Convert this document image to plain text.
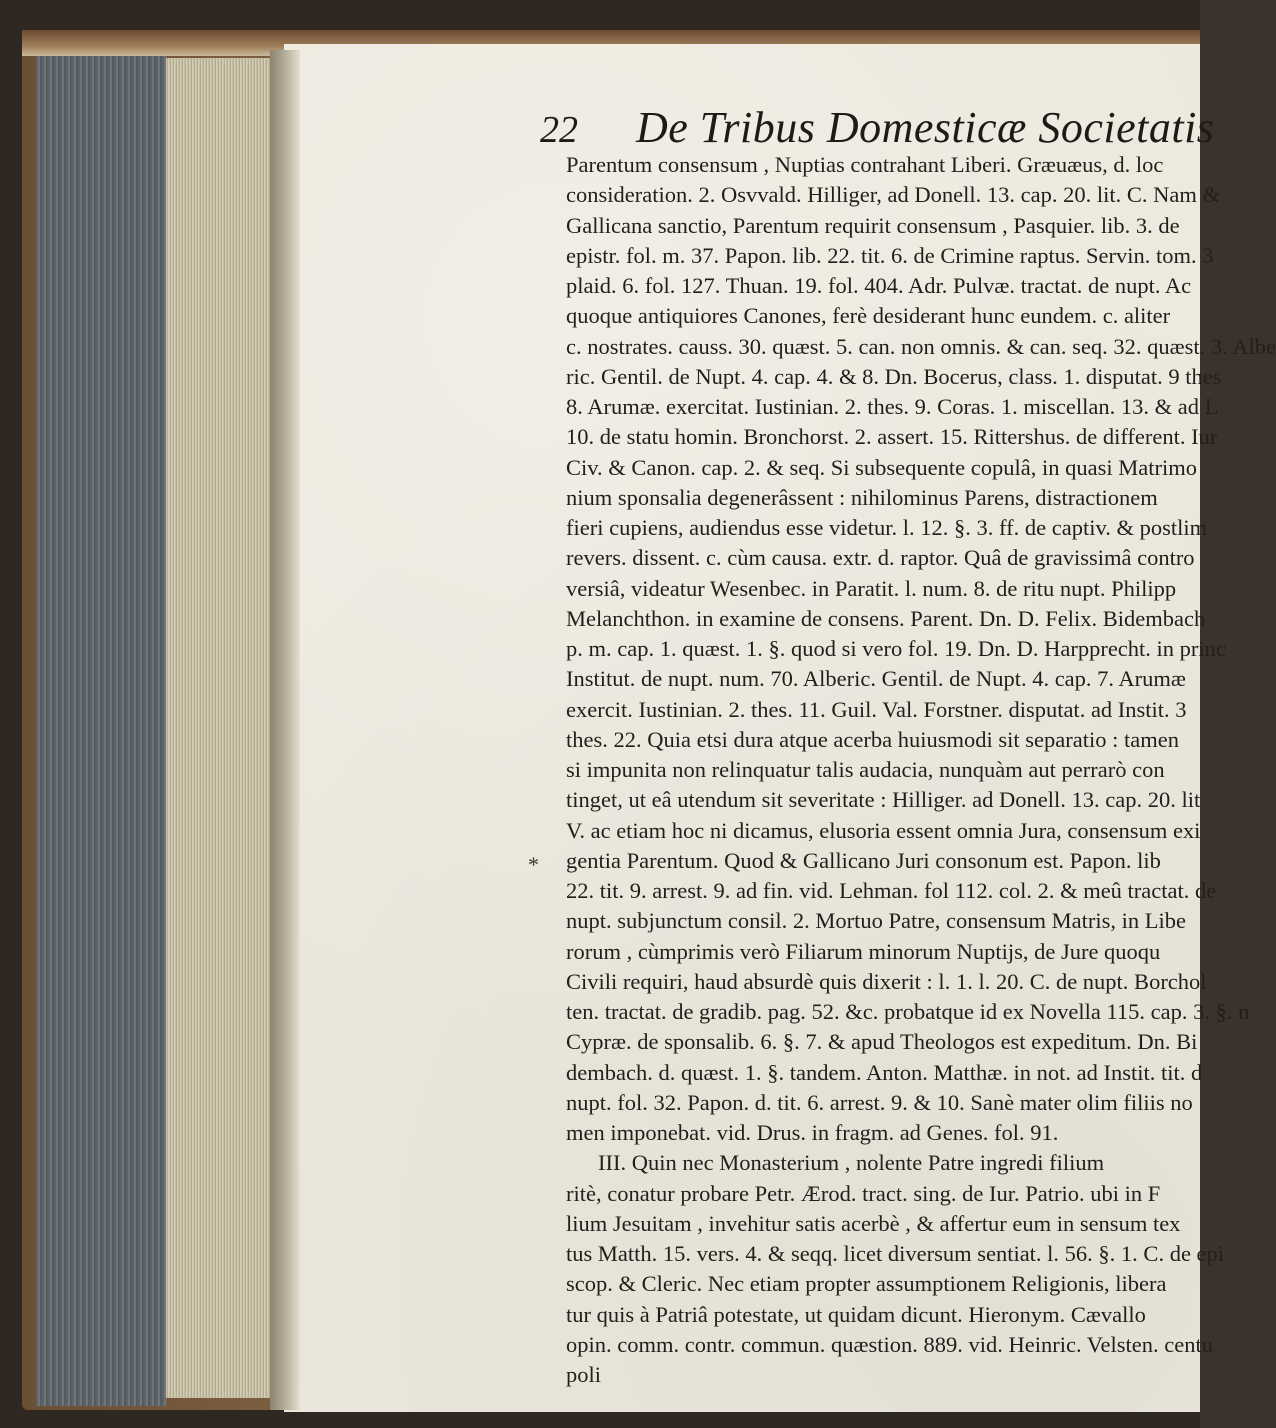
22 De Tribus Domesticæ Societatis
*
Parentum consensum , Nuptias contrahant Liberi. Græuæus, d. loc
consideration. 2. Osvvald. Hilliger, ad Donell. 13. cap. 20. lit. C. Nam &
Gallicana sanctio, Parentum requirit consensum , Pasquier. lib. 3. de
epistr. fol. m. 37. Papon. lib. 22. tit. 6. de Crimine raptus. Servin. tom. 3
plaid. 6. fol. 127. Thuan. 19. fol. 404. Adr. Pulvæ. tractat. de nupt. Ac
quoque antiquiores Canones, ferè desiderant hunc eundem. c. aliter
c. nostrates. causs. 30. quæst. 5. can. non omnis. & can. seq. 32. quæst. 3. Albe
ric. Gentil. de Nupt. 4. cap. 4. & 8. Dn. Bocerus, class. 1. disputat. 9 thes
8. Arumæ. exercitat. Iustinian. 2. thes. 9. Coras. 1. miscellan. 13. & ad L
10. de statu homin. Bronchorst. 2. assert. 15. Rittershus. de different. Iur
Civ. & Canon. cap. 2. & seq. Si subsequente copulâ, in quasi Matrimo
nium sponsalia degenerâssent : nihilominus Parens, distractionem
fieri cupiens, audiendus esse videtur. l. 12. §. 3. ff. de captiv. & postlim
revers. dissent. c. cùm causa. extr. d. raptor. Quâ de gravissimâ contro
versiâ, videatur Wesenbec. in Paratit. l. num. 8. de ritu nupt. Philipp
Melanchthon. in examine de consens. Parent. Dn. D. Felix. Bidembach
p. m. cap. 1. quæst. 1. §. quod si vero fol. 19. Dn. D. Harpprecht. in princ
Institut. de nupt. num. 70. Alberic. Gentil. de Nupt. 4. cap. 7. Arumæ
exercit. Iustinian. 2. thes. 11. Guil. Val. Forstner. disputat. ad Instit. 3
thes. 22. Quia etsi dura atque acerba huiusmodi sit separatio : tamen
si impunita non relinquatur talis audacia, nunquàm aut perrarò con
tinget, ut eâ utendum sit severitate : Hilliger. ad Donell. 13. cap. 20. lit
V. ac etiam hoc ni dicamus, elusoria essent omnia Jura, consensum exi
gentia Parentum. Quod & Gallicano Juri consonum est. Papon. lib
22. tit. 9. arrest. 9. ad fin. vid. Lehman. fol 112. col. 2. & meû tractat. de
nupt. subjunctum consil. 2. Mortuo Patre, consensum Matris, in Libe
rorum , cùmprimis verò Filiarum minorum Nuptijs, de Jure quoqu
Civili requiri, haud absurdè quis dixerit : l. 1. l. 20. C. de nupt. Borchol
ten. tractat. de gradib. pag. 52. &c. probatque id ex Novella 115. cap. 3. §. n
Cypræ. de sponsalib. 6. §. 7. & apud Theologos est expeditum. Dn. Bi
dembach. d. quæst. 1. §. tandem. Anton. Matthæ. in not. ad Instit. tit. d
nupt. fol. 32. Papon. d. tit. 6. arrest. 9. & 10. Sanè mater olim filiis no
men imponebat. vid. Drus. in fragm. ad Genes. fol. 91.
III. Quin nec Monasterium , nolente Patre ingredi filium
ritè, conatur probare Petr. Ærod. tract. sing. de Iur. Patrio. ubi in F
lium Jesuitam , invehitur satis acerbè , & affertur eum in sensum tex
tus Matth. 15. vers. 4. & seqq. licet diversum sentiat. l. 56. §. 1. C. de epi
scop. & Cleric. Nec etiam propter assumptionem Religionis, libera
tur quis à Patriâ potestate, ut quidam dicunt. Hieronym. Cævallo
opin. comm. contr. commun. quæstion. 889. vid. Heinric. Velsten. centu
poli
